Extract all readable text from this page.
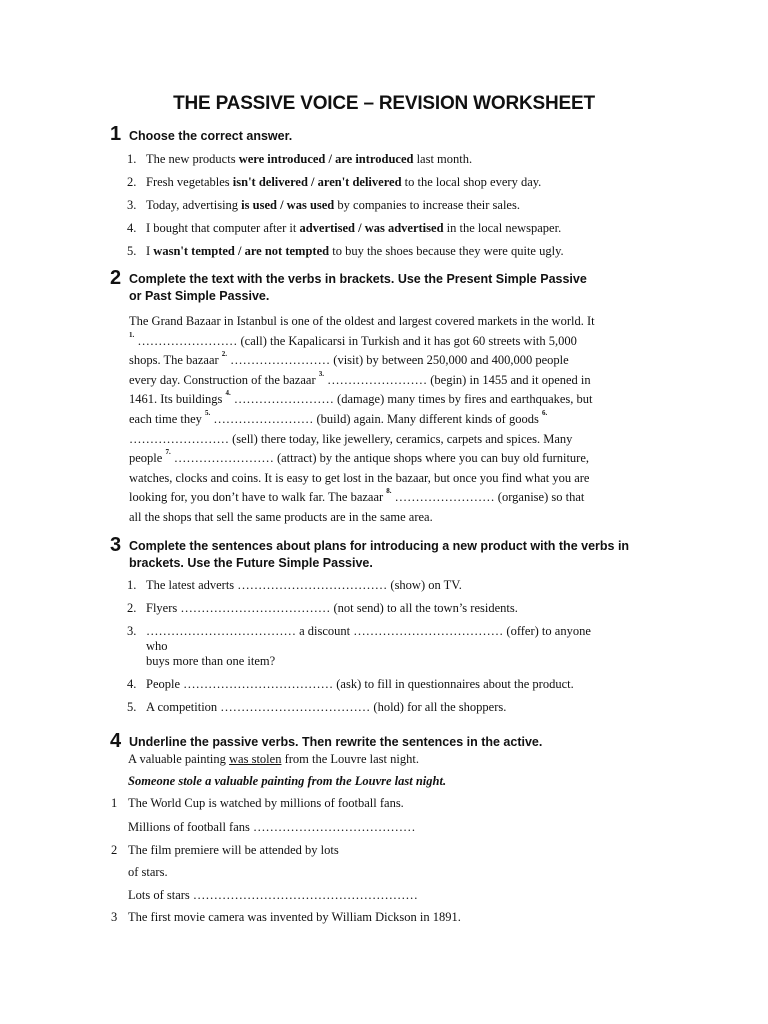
THE PASSIVE VOICE – REVISION WORKSHEET
1 Choose the correct answer.
1. The new products were introduced / are introduced last month.
2. Fresh vegetables isn't delivered / aren't delivered to the local shop every day.
3. Today, advertising is used / was used by companies to increase their sales.
4. I bought that computer after it advertised / was advertised in the local newspaper.
5. I wasn't tempted / are not tempted to buy the shoes because they were quite ugly.
2 Complete the text with the verbs in brackets. Use the Present Simple Passive
or Past Simple Passive.
The Grand Bazaar in Istanbul is one of the oldest and largest covered markets in the world. It
$^{1.}$ …………………… (call) the Kapalicarsi in Turkish and it has got 60 streets with 5,000
shops. The bazaar $^{2.}$ …………………… (visit) by between 250,000 and 400,000 people
every day. Construction of the bazaar $^{3.}$ …………………… (begin) in 1455 and it opened in
1461. Its buildings $^{4.}$ …………………… (damage) many times by fires and earthquakes, but
each time they $^{5.}$ …………………… (build) again. Many different kinds of goods $^{6.}$
…………………… (sell) there today, like jewellery, ceramics, carpets and spices. Many
people $^{7.}$ …………………… (attract) by the antique shops where you can buy old furniture,
watches, clocks and coins. It is easy to get lost in the bazaar, but once you find what you are
looking for, you don’t have to walk far. The bazaar $^{8.}$ …………………… (organise) so that
all the shops that sell the same products are in the same area.
3 Complete the sentences about plans for introducing a new product with the verbs in
brackets. Use the Future Simple Passive.
1. The latest adverts ……………………………… (show) on TV.
2. Flyers ……………………………… (not send) to all the town’s residents.
3. ……………………………… a discount ……………………………… (offer) to anyone
who
buys more than one item?
4. People ……………………………… (ask) to fill in questionnaires about the product.
5. A competition ……………………………… (hold) for all the shoppers.
4 Underline the passive verbs. Then rewrite the sentences in the active.
A valuable painting was stolen from the Louvre last night.
Someone stole a valuable painting from the Louvre last night.
1 The World Cup is watched by millions of football fans.
Millions of football fans …………………………………
2 The film premiere will be attended by lots
of stars.
Lots of stars ………………………………………………
3 The first movie camera was invented by William Dickson in 1891.
